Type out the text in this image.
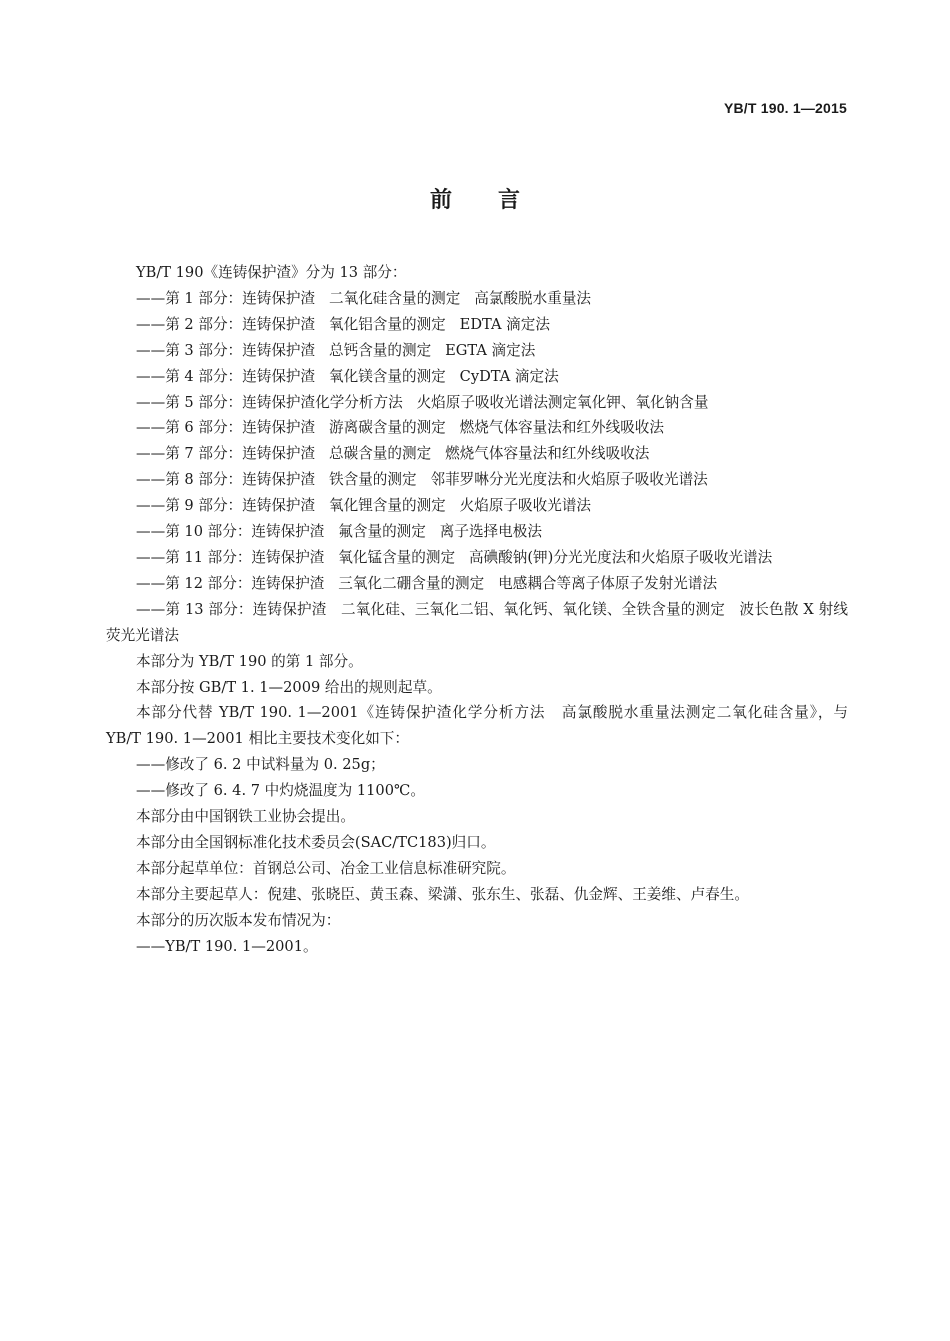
YB/T 190. 1—2015
前言

YB/T 190《连铸保护渣》分为 13 部分：

——第 1 部分：连铸保护渣   二氧化硅含量的测定   高氯酸脱水重量法

——第 2 部分：连铸保护渣   氧化铝含量的测定   EDTA 滴定法

——第 3 部分：连铸保护渣   总钙含量的测定   EGTA 滴定法

——第 4 部分：连铸保护渣   氧化镁含量的测定   CyDTA 滴定法

——第 5 部分：连铸保护渣化学分析方法   火焰原子吸收光谱法测定氧化钾、氧化钠含量

——第 6 部分：连铸保护渣   游离碳含量的测定   燃烧气体容量法和红外线吸收法

——第 7 部分：连铸保护渣   总碳含量的测定   燃烧气体容量法和红外线吸收法

——第 8 部分：连铸保护渣   铁含量的测定   邻菲罗啉分光光度法和火焰原子吸收光谱法

——第 9 部分：连铸保护渣   氧化锂含量的测定   火焰原子吸收光谱法

——第 10 部分：连铸保护渣   氟含量的测定   离子选择电极法

——第 11 部分：连铸保护渣   氧化锰含量的测定   高碘酸钠(钾)分光光度法和火焰原子吸收光谱法

——第 12 部分：连铸保护渣   三氧化二硼含量的测定   电感耦合等离子体原子发射光谱法

——第 13 部分：连铸保护渣   二氧化硅、三氧化二铝、氧化钙、氧化镁、全铁含量的测定   波长色散 X 射线荧光光谱法

本部分为 YB/T 190 的第 1 部分。

本部分按 GB/T 1. 1—2009 给出的规则起草。

本部分代替 YB/T 190. 1—2001《连铸保护渣化学分析方法   高氯酸脱水重量法测定二氧化硅含量》，与 YB/T 190. 1—2001 相比主要技术变化如下：

——修改了 6. 2 中试料量为 0. 25g；

——修改了 6. 4. 7 中灼烧温度为 1100℃。

本部分由中国钢铁工业协会提出。

本部分由全国钢标准化技术委员会(SAC/TC183)归口。

本部分起草单位：首钢总公司、冶金工业信息标准研究院。

本部分主要起草人：倪建、张晓臣、黄玉森、梁潇、张东生、张磊、仇金辉、王姜维、卢春生。

本部分的历次版本发布情况为：

——YB/T 190. 1—2001。
